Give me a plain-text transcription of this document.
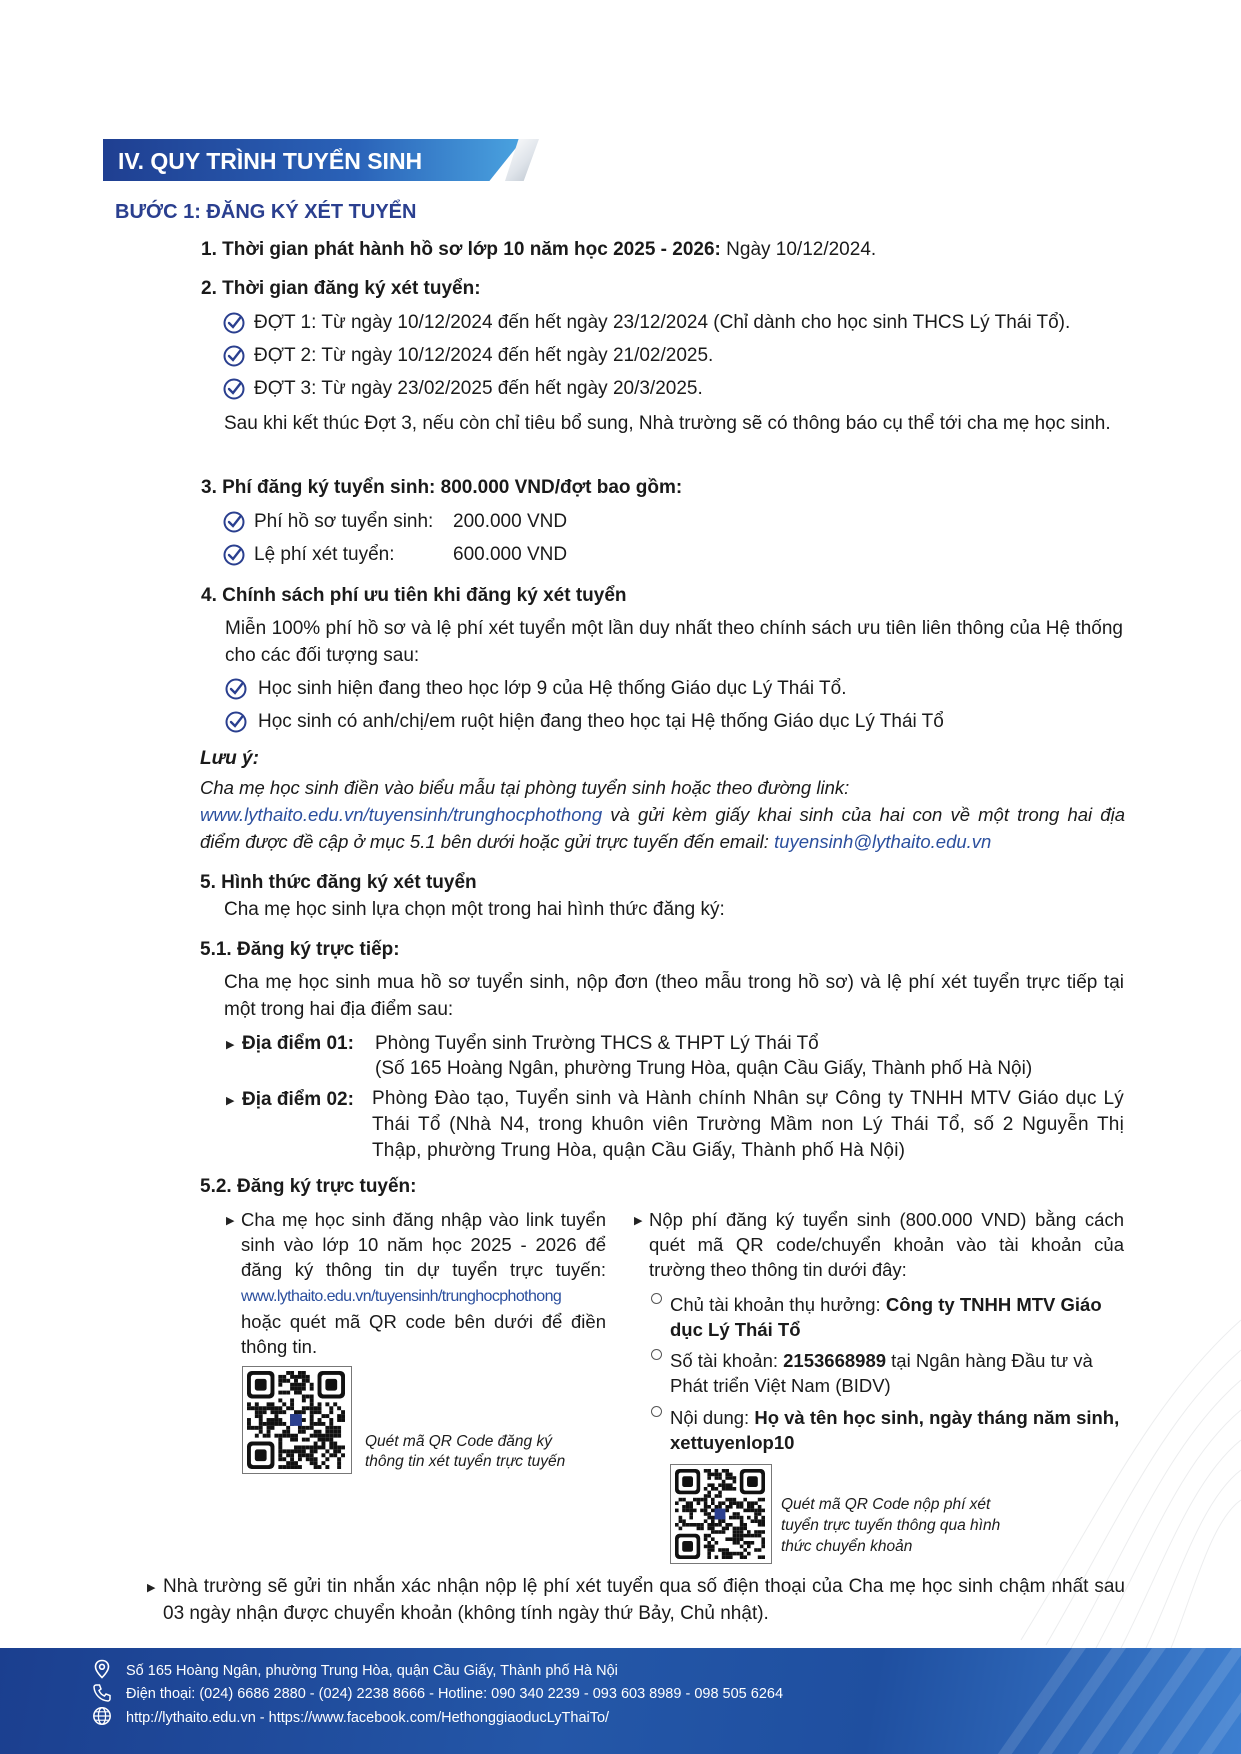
IV. QUY TRÌNH TUYỂN SINH
BƯỚC 1: ĐĂNG KÝ XÉT TUYỂN
1. Thời gian phát hành hồ sơ lớp 10 năm học 2025 - 2026: Ngày 10/12/2024.
2. Thời gian đăng ký xét tuyển:
ĐỢT 1: Từ ngày 10/12/2024 đến hết ngày 23/12/2024 (Chỉ dành cho học sinh THCS Lý Thái Tổ).
ĐỢT 2: Từ ngày 10/12/2024 đến hết ngày 21/02/2025.
ĐỢT 3: Từ ngày 23/02/2025 đến hết ngày 20/3/2025.
Sau khi kết thúc Đợt 3, nếu còn chỉ tiêu bổ sung, Nhà trường sẽ có thông báo cụ thể tới cha mẹ học sinh.
3. Phí đăng ký tuyển sinh: 800.000 VND/đợt bao gồm:
Phí hồ sơ tuyển sinh: 200.000 VND
Lệ phí xét tuyển:	600.000 VND
4. Chính sách phí ưu tiên khi đăng ký xét tuyển
Miễn 100% phí hồ sơ và lệ phí xét tuyển một lần duy nhất theo chính sách ưu tiên liên thông của Hệ thống cho các đối tượng sau:
Học sinh hiện đang theo học lớp 9 của Hệ thống Giáo dục Lý Thái Tổ.
Học sinh có anh/chị/em ruột hiện đang theo học tại Hệ thống Giáo dục Lý Thái Tổ
Lưu ý:
Cha mẹ học sinh điền vào biểu mẫu tại phòng tuyển sinh hoặc theo đường link:
www.lythaito.edu.vn/tuyensinh/trunghocphothong và gửi kèm giấy khai sinh của hai con về một trong hai địa điểm được đề cập ở mục 5.1 bên dưới hoặc gửi trực tuyến đến email: tuyensinh@lythaito.edu.vn
5. Hình thức đăng ký xét tuyển
Cha mẹ học sinh lựa chọn một trong hai hình thức đăng ký:
5.1. Đăng ký trực tiếp:
Cha mẹ học sinh mua hồ sơ tuyển sinh, nộp đơn (theo mẫu trong hồ sơ) và lệ phí xét tuyển trực tiếp tại một trong hai địa điểm sau:
▶ Địa điểm 01: Phòng Tuyển sinh Trường THCS & THPT Lý Thái Tổ
(Số 165 Hoàng Ngân, phường Trung Hòa, quận Cầu Giấy, Thành phố Hà Nội)
▶ Địa điểm 02: Phòng Đào tạo, Tuyển sinh và Hành chính Nhân sự Công ty TNHH MTV Giáo dục Lý Thái Tổ (Nhà N4, trong khuôn viên Trường Mầm non Lý Thái Tổ, số 2 Nguyễn Thị Thập, phường Trung Hòa, quận Cầu Giấy, Thành phố Hà Nội)
5.2. Đăng ký trực tuyến:
▶ Cha mẹ học sinh đăng nhập vào link tuyển sinh vào lớp 10 năm học 2025 - 2026 để đăng ký thông tin dự tuyển trực tuyến: www.lythaito.edu.vn/tuyensinh/trunghocphothong hoặc quét mã QR code bên dưới để điền thông tin.
Quét mã QR Code đăng ký
thông tin xét tuyển trực tuyến
▶ Nộp phí đăng ký tuyển sinh (800.000 VND) bằng cách quét mã QR code/chuyển khoản vào tài khoản của trường theo thông tin dưới đây:
Chủ tài khoản thụ hưởng: Công ty TNHH MTV Giáo dục Lý Thái Tổ
Số tài khoản: 2153668989 tại Ngân hàng Đầu tư và Phát triển Việt Nam (BIDV)
Nội dung: Họ và tên học sinh, ngày tháng năm sinh, xettuyenlop10
Quét mã QR Code nộp phí xét
tuyển trực tuyến thông qua hình
thức chuyển khoản
▶ Nhà trường sẽ gửi tin nhắn xác nhận nộp lệ phí xét tuyển qua số điện thoại của Cha mẹ học sinh chậm nhất sau 03 ngày nhận được chuyển khoản (không tính ngày thứ Bảy, Chủ nhật).
Số 165 Hoàng Ngân, phường Trung Hòa, quận Cầu Giấy, Thành phố Hà Nội
Điện thoại: (024) 6686 2880 - (024) 2238 8666 - Hotline: 090 340 2239 - 093 603 8989 - 098 505 6264
http://lythaito.edu.vn - https://www.facebook.com/HethonggiaoducLyThaiTo/
